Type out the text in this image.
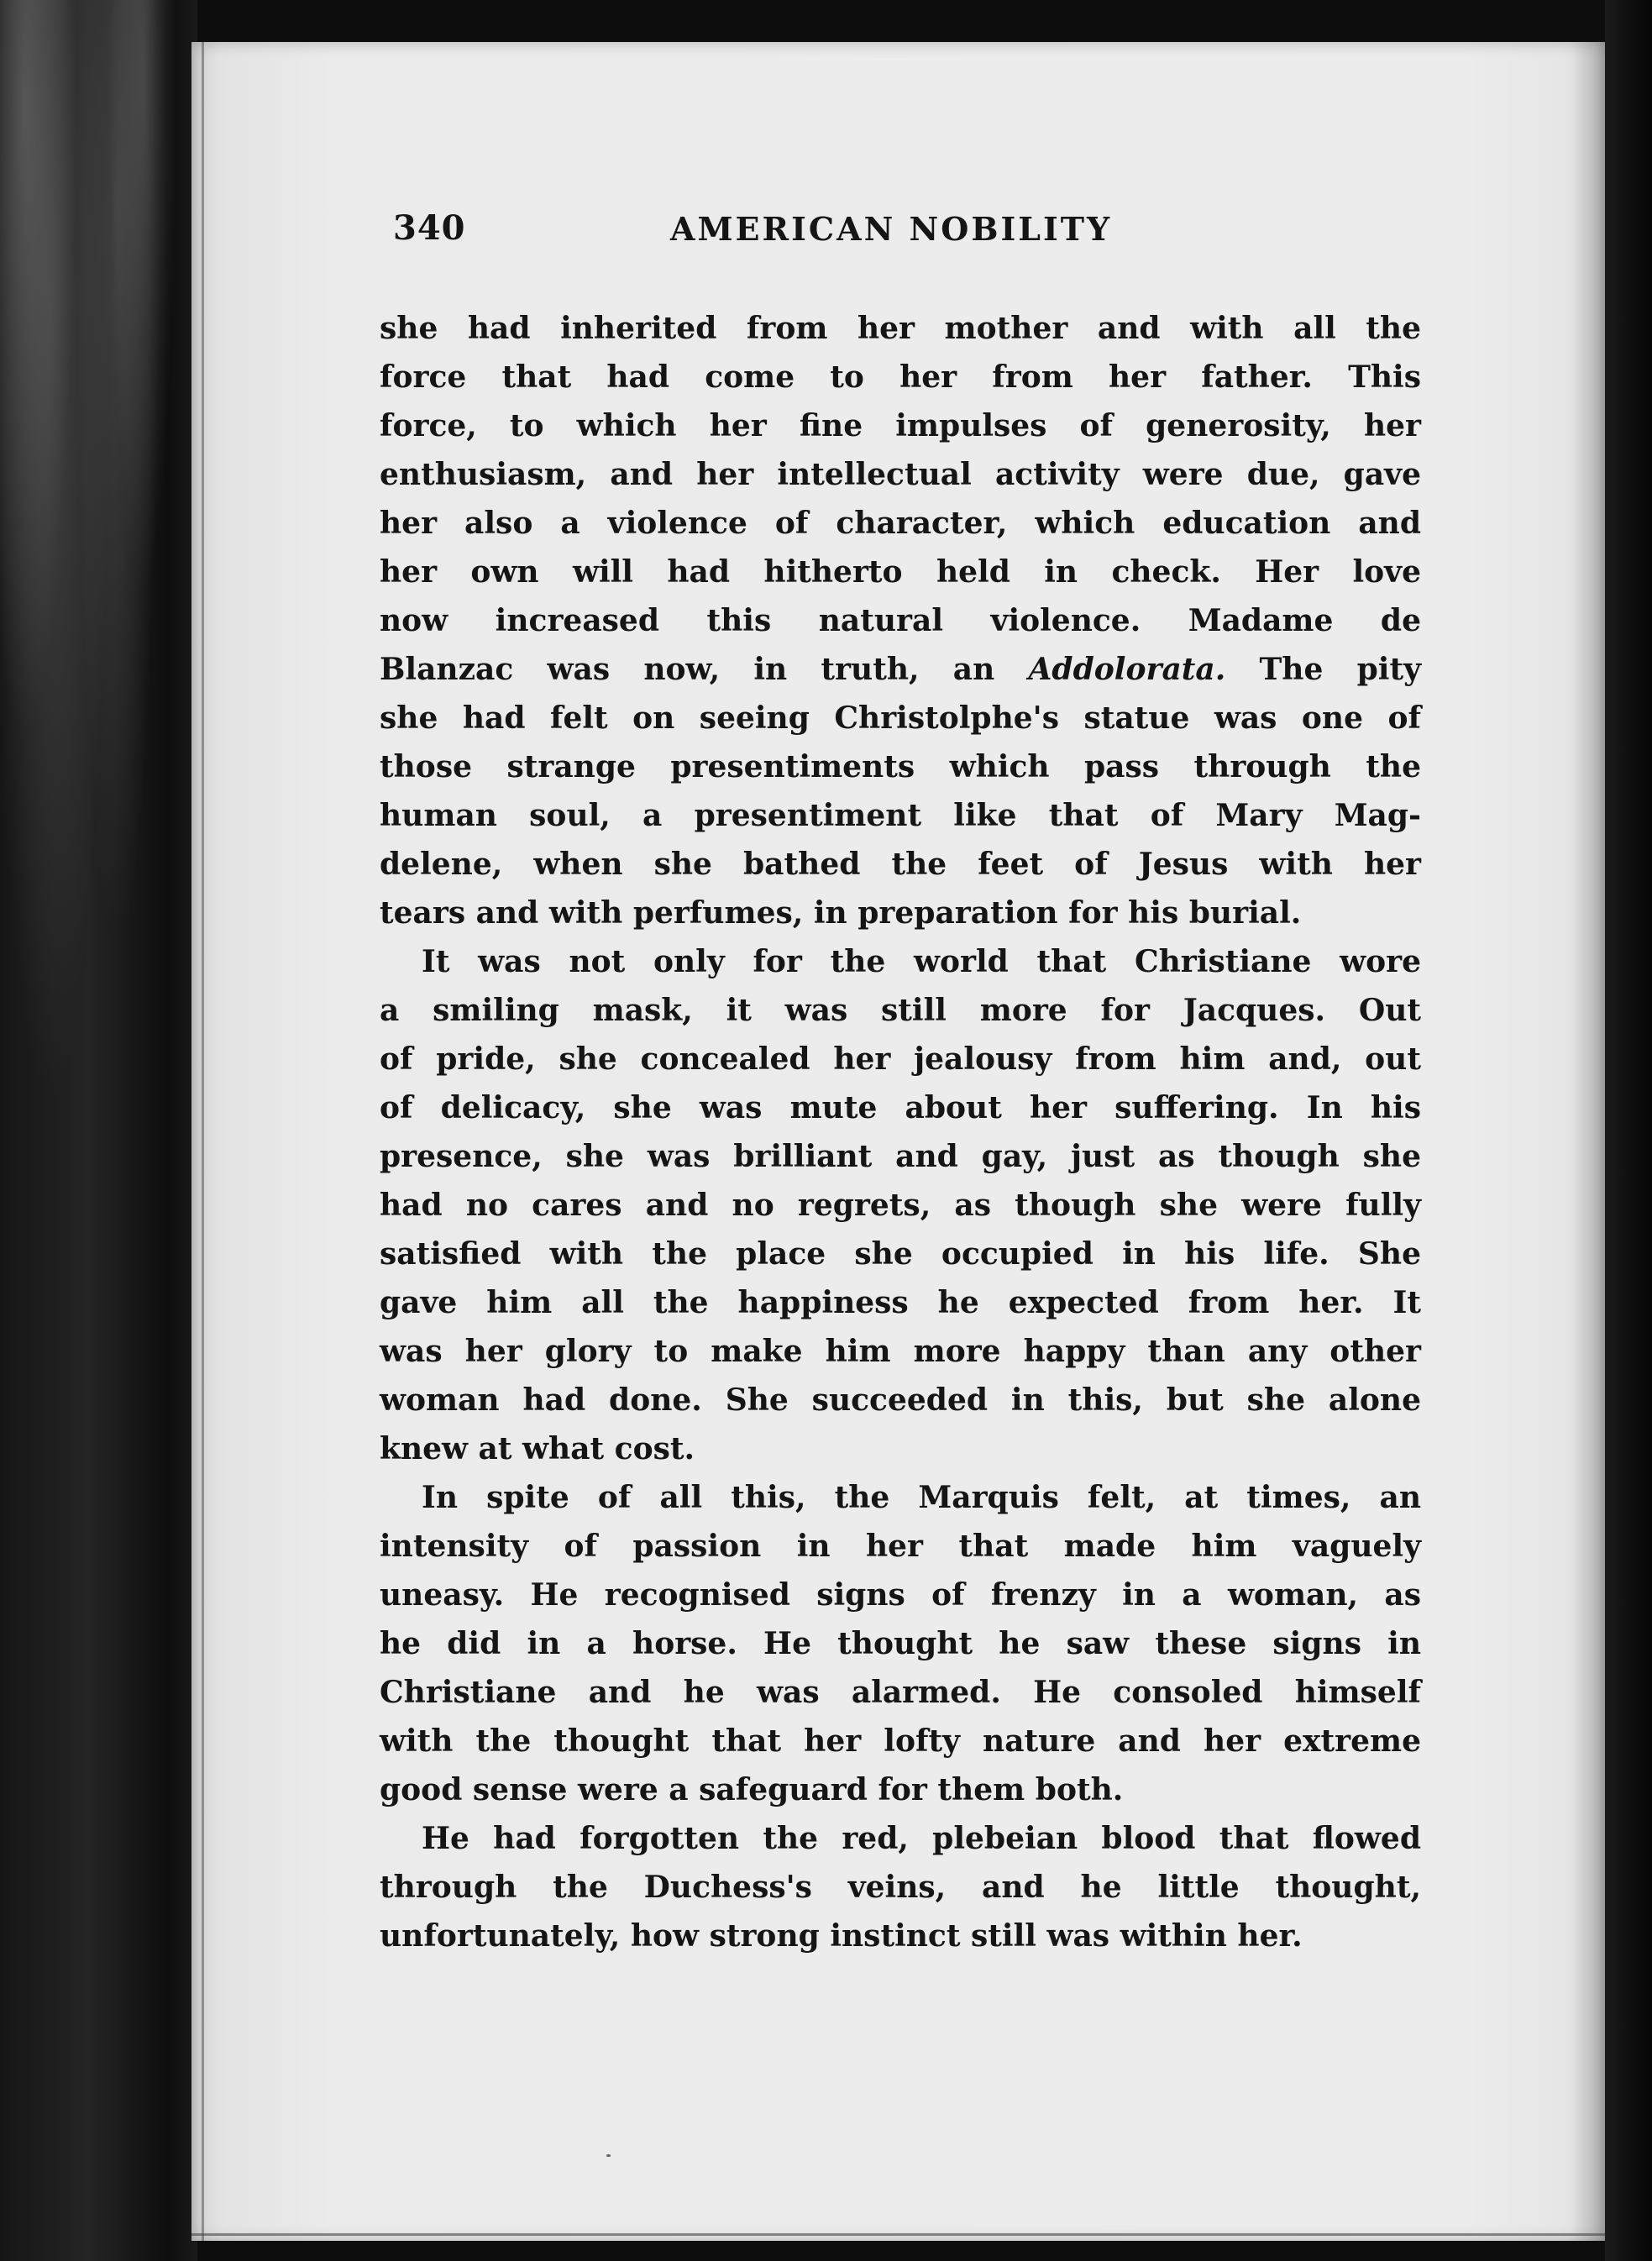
340	AMERICAN NOBILITY
she had inherited from her mother and with all the
force that had come to her from her father. This
force, to which her fine impulses of generosity, her
enthusiasm, and her intellectual activity were due, gave
her also a violence of character, which education and
her own will had hitherto held in check. Her love
now increased this natural violence. Madame de
Blanzac was now, in truth, an Addolorata. The pity
she had felt on seeing Christolphe's statue was one of
those strange presentiments which pass through the
human soul, a presentiment like that of Mary Mag-
delene, when she bathed the feet of Jesus with her
tears and with perfumes, in preparation for his burial.
It was not only for the world that Christiane wore
a smiling mask, it was still more for Jacques. Out
of pride, she concealed her jealousy from him and, out
of delicacy, she was mute about her suffering. In his
presence, she was brilliant and gay, just as though she
had no cares and no regrets, as though she were fully
satisfied with the place she occupied in his life. She
gave him all the happiness he expected from her. It
was her glory to make him more happy than any other
woman had done. She succeeded in this, but she alone
knew at what cost.
In spite of all this, the Marquis felt, at times, an
intensity of passion in her that made him vaguely
uneasy. He recognised signs of frenzy in a woman, as
he did in a horse. He thought he saw these signs in
Christiane and he was alarmed. He consoled himself
with the thought that her lofty nature and her extreme
good sense were a safeguard for them both.
He had forgotten the red, plebeian blood that flowed
through the Duchess's veins, and he little thought,
unfortunately, how strong instinct still was within her.
